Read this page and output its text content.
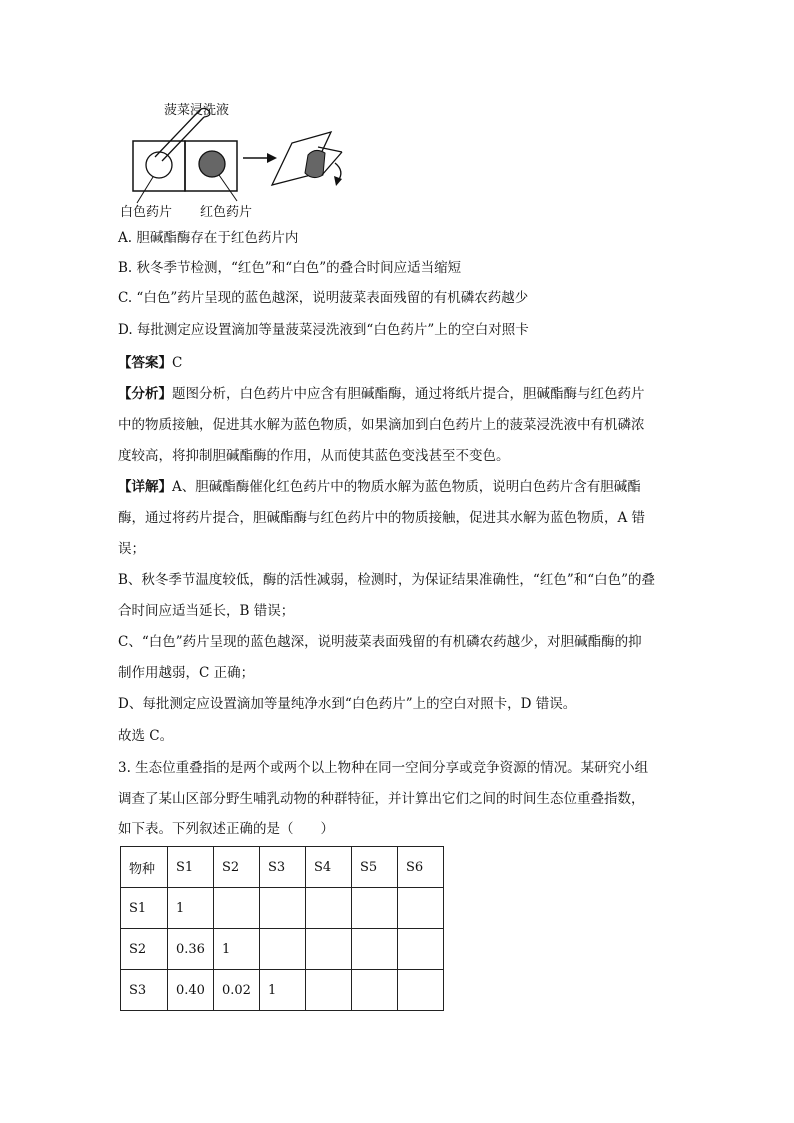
菠菜浸洗液
白色药片 红色药片
A. 胆碱酯酶存在于红色药片内
B. 秋冬季节检测，“红色”和“白色”的叠合时间应适当缩短
C. “白色”药片呈现的蓝色越深，说明菠菜表面残留的有机磷农药越少
D. 每批测定应设置滴加等量菠菜浸洗液到“白色药片”上的空白对照卡
【答案】C
【分析】题图分析，白色药片中应含有胆碱酯酶，通过将纸片提合，胆碱酯酶与红色药片
中的物质接触，促进其水解为蓝色物质，如果滴加到白色药片上的菠菜浸洗液中有机磷浓
度较高，将抑制胆碱酯酶的作用，从而使其蓝色变浅甚至不变色。
【详解】A、胆碱酯酶催化红色药片中的物质水解为蓝色物质，说明白色药片含有胆碱酯
酶，通过将药片提合，胆碱酯酶与红色药片中的物质接触，促进其水解为蓝色物质，A 错
误；
B、秋冬季节温度较低，酶的活性减弱，检测时，为保证结果准确性，“红色”和“白色”的叠
合时间应适当延长，B 错误；
C、“白色”药片呈现的蓝色越深，说明菠菜表面残留的有机磷农药越少，对胆碱酯酶的抑
制作用越弱，C 正确；
D、每批测定应设置滴加等量纯净水到“白色药片”上的空白对照卡，D 错误。
故选 C。
3. 生态位重叠指的是两个或两个以上物种在同一空间分享或竞争资源的情况。某研究小组
调查了某山区部分野生哺乳动物的种群特征，并计算出它们之间的时间生态位重叠指数，
如下表。下列叙述正确的是（　　）
物种	S1	S2	S3	S4	S5	S6
S1	1					
S2	0.36	1				
S3	0.40	0.02	1			
